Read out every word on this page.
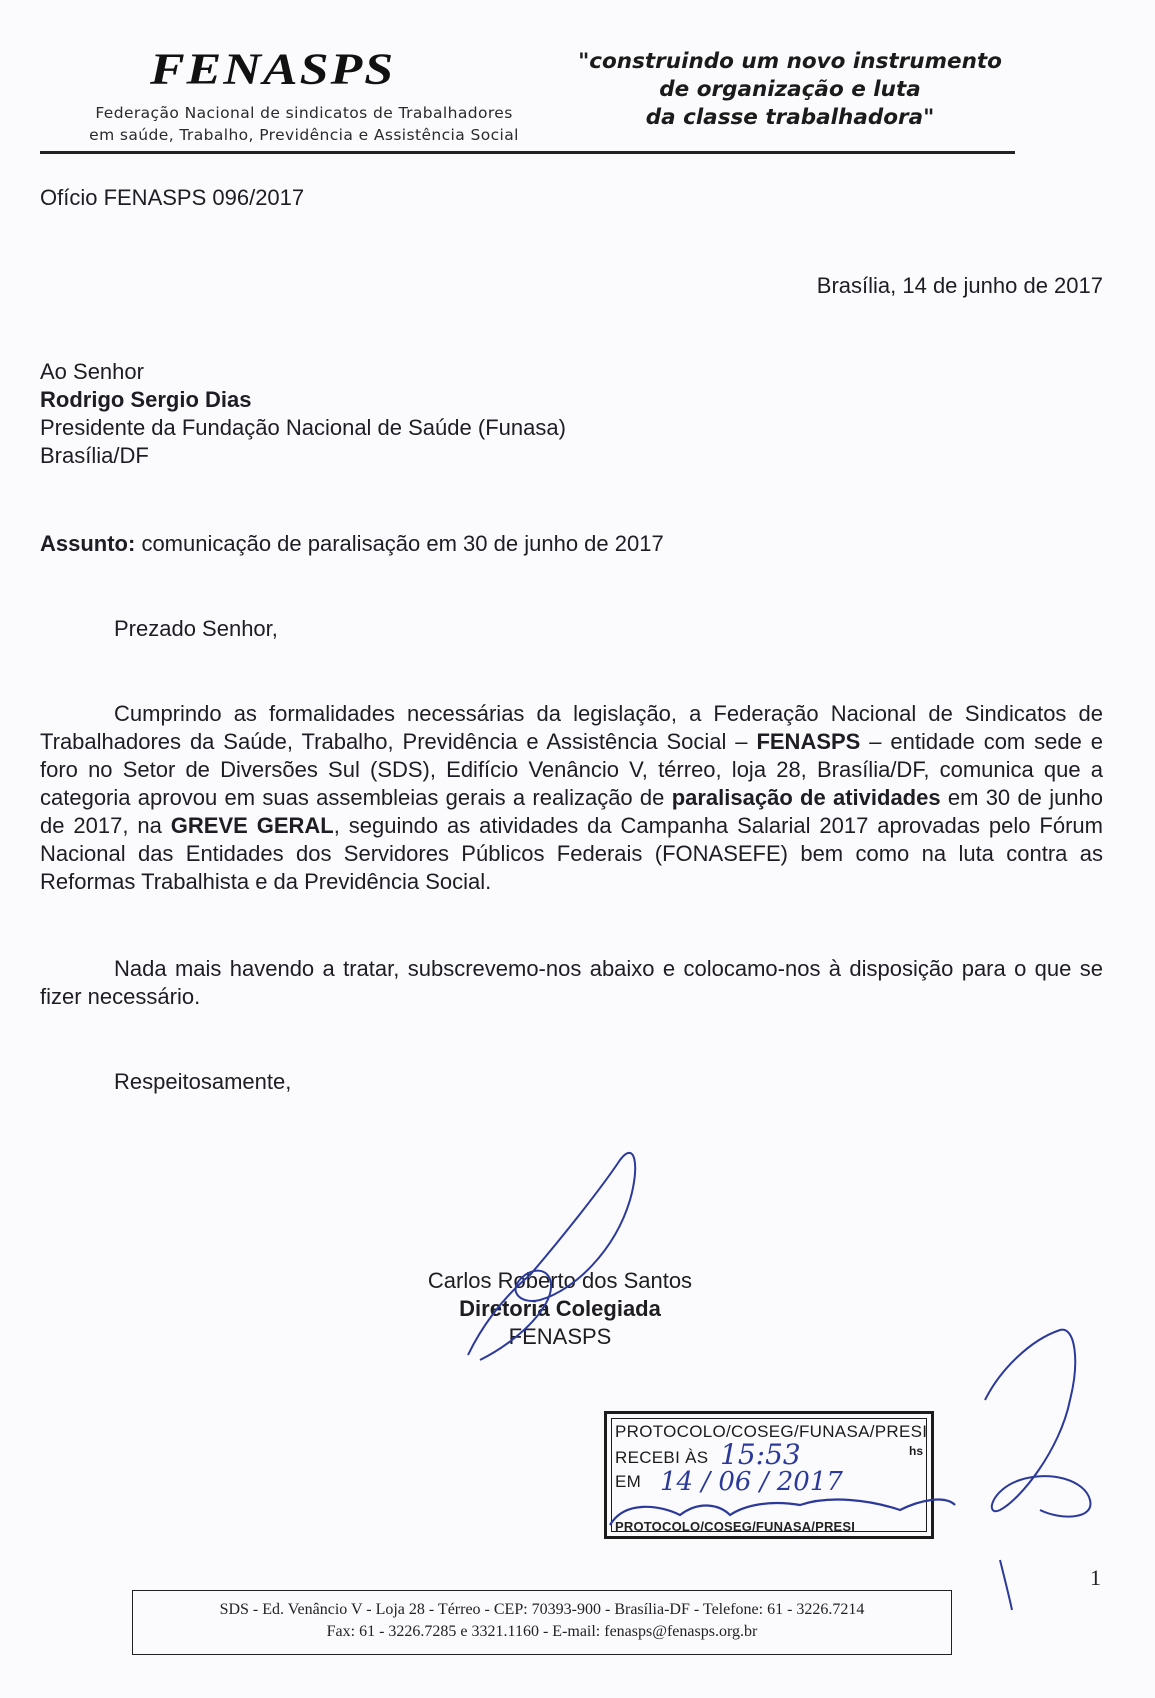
FENASPS
Federação Nacional de sindicatos de Trabalhadores
em saúde, Trabalho, Previdência e Assistência Social
"construindo um novo instrumento
de organização e luta
da classe trabalhadora"
Ofício FENASPS 096/2017
Brasília, 14 de junho de 2017
Ao Senhor
Rodrigo Sergio Dias
Presidente da Fundação Nacional de Saúde (Funasa)
Brasília/DF
Assunto: comunicação de paralisação em 30 de junho de 2017
Prezado Senhor,
Cumprindo as formalidades necessárias da legislação, a Federação Nacional de Sindicatos de Trabalhadores da Saúde, Trabalho, Previdência e Assistência Social – FENASPS – entidade com sede e foro no Setor de Diversões Sul (SDS), Edifício Venâncio V, térreo, loja 28, Brasília/DF, comunica que a categoria aprovou em suas assembleias gerais a realização de paralisação de atividades em 30 de junho de 2017, na GREVE GERAL, seguindo as atividades da Campanha Salarial 2017 aprovadas pelo Fórum Nacional das Entidades dos Servidores Públicos Federais (FONASEFE) bem como na luta contra as Reformas Trabalhista e da Previdência Social.
Nada mais havendo a tratar, subscrevemo-nos abaixo e colocamo-nos à disposição para o que se fizer necessário.
Respeitosamente,
Carlos Roberto dos Santos
Diretoria Colegiada
FENASPS
PROTOCOLO/COSEG/FUNASA/PRESI
RECEBI ÀS	hs
EM
PROTOCOLO/COSEG/FUNASA/PRESI
1
SDS - Ed. Venâncio V - Loja 28 - Térreo - CEP: 70393-900 - Brasília-DF - Telefone: 61 - 3226.7214
Fax: 61 - 3226.7285 e 3321.1160 - E-mail: fenasps@fenasps.org.br
15:53
14 / 06 / 2017
